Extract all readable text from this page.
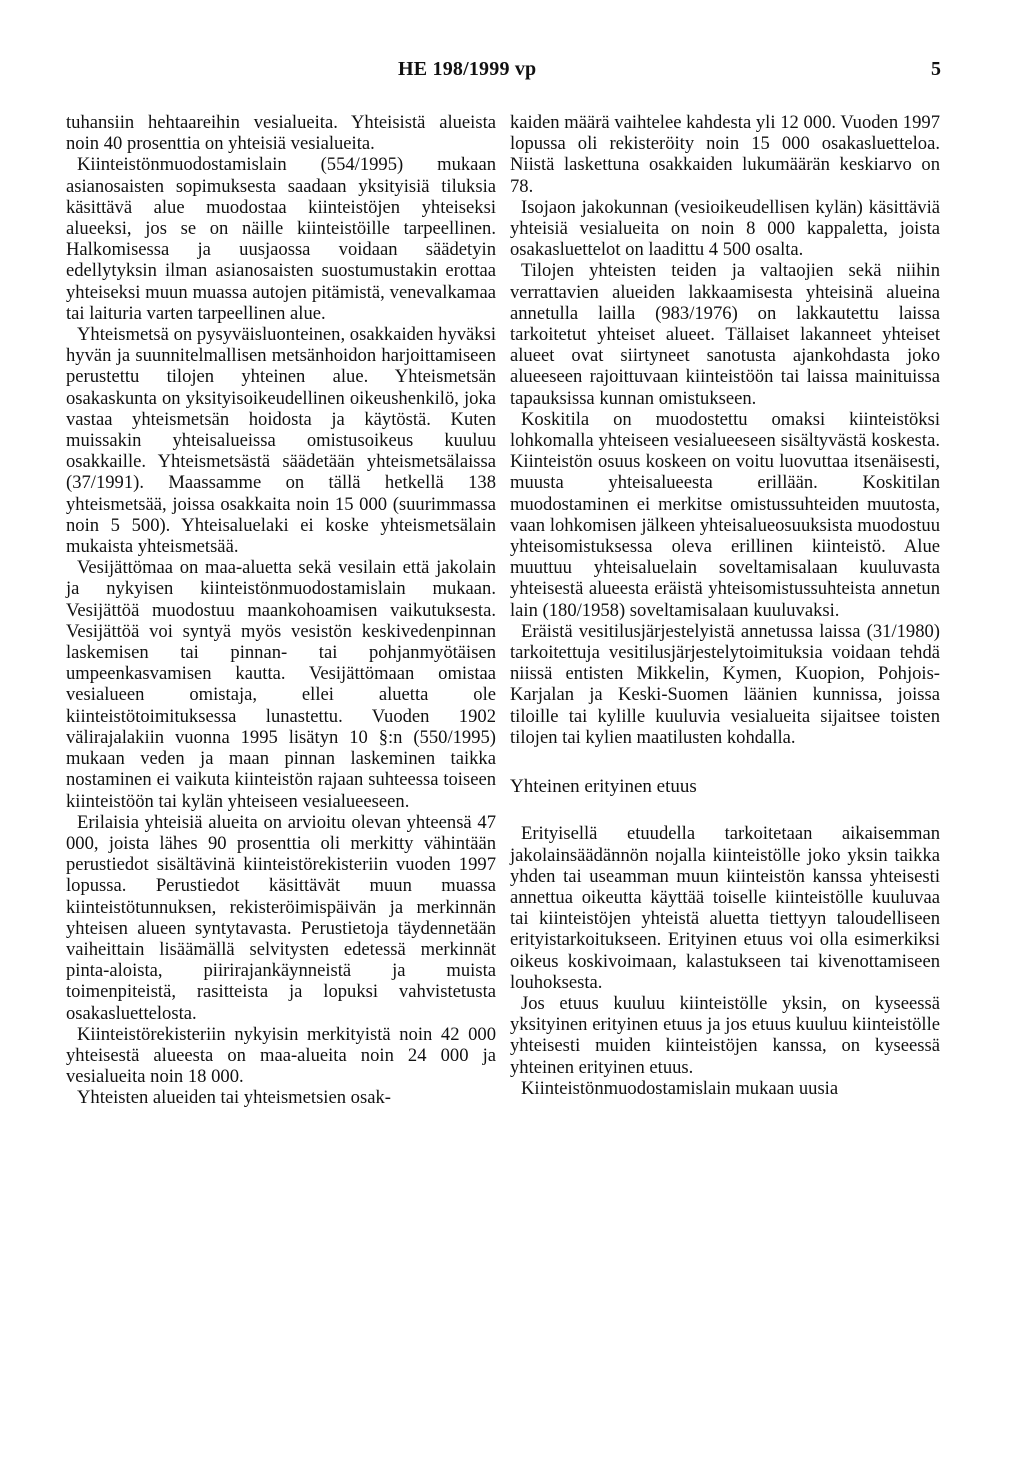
HE 198/1999 vp	5

tuhansiin hehtaareihin vesialueita. Yhteisistä alueista noin 40 prosenttia on yhteisiä vesialueita.

Kiinteistönmuodostamislain (554/1995) mukaan asianosaisten sopimuksesta saadaan yksityisiä tiluksia käsittävä alue muodostaa kiinteistöjen yhteiseksi alueeksi, jos se on näille kiinteistöille tarpeellinen. Halkomisessa ja uusjaossa voidaan säädetyin edellytyksin ilman asianosaisten suostumustakin erottaa yhteiseksi muun muassa autojen pitämistä, venevalkamaa tai laituria varten tarpeellinen alue.

Yhteismetsä on pysyväisluonteinen, osakkaiden hyväksi hyvän ja suunnitelmallisen metsänhoidon harjoittamiseen perustettu tilojen yhteinen alue. Yhteismetsän osakaskunta on yksityisoikeudellinen oikeushenkilö, joka vastaa yhteismetsän hoidosta ja käytöstä. Kuten muissakin yhteisalueissa omistusoikeus kuuluu osakkaille. Yhteismetsästä säädetään yhteismetsälaissa (37/1991). Maassamme on tällä hetkellä 138 yhteismetsää, joissa osakkaita noin 15 000 (suurimmassa noin 5 500). Yhteisaluelaki ei koske yhteismetsälain mukaista yhteismetsää.

Vesijättömaa on maa-aluetta sekä vesilain että jakolain ja nykyisen kiinteistönmuodostamislain mukaan. Vesijättöä muodostuu maankohoamisen vaikutuksesta. Vesijättöä voi syntyä myös vesistön keskivedenpinnan laskemisen tai pinnan- tai pohjanmyötäisen umpeenkasvamisen kautta. Vesijättömaan omistaa vesialueen omistaja, ellei aluetta ole kiinteistötoimituksessa lunastettu. Vuoden 1902 välirajalakiin vuonna 1995 lisätyn 10 §:n (550/1995) mukaan veden ja maan pinnan laskeminen taikka nostaminen ei vaikuta kiinteistön rajaan suhteessa toiseen kiinteistöön tai kylän yhteiseen vesialueeseen.

Erilaisia yhteisiä alueita on arvioitu olevan yhteensä 47 000, joista lähes 90 prosenttia oli merkitty vähintään perustiedot sisältävinä kiinteistörekisteriin vuoden 1997 lopussa. Perustiedot käsittävät muun muassa kiinteistötunnuksen, rekisteröimispäivän ja merkinnän yhteisen alueen syntytavasta. Perustietoja täydennetään vaiheittain lisäämällä selvitysten edetessä merkinnät pinta-aloista, piirirajankäynneistä ja muista toimenpiteistä, rasitteista ja lopuksi vahvistetusta osakasluettelosta.

Kiinteistörekisteriin nykyisin merkityistä noin 42 000 yhteisestä alueesta on maa-alueita noin 24 000 ja vesialueita noin 18 000.

Yhteisten alueiden tai yhteismetsien osak-

kaiden määrä vaihtelee kahdesta yli 12 000. Vuoden 1997 lopussa oli rekisteröity noin 15 000 osakasluetteloa. Niistä laskettuna osakkaiden lukumäärän keskiarvo on 78.

Isojaon jakokunnan (vesioikeudellisen kylän) käsittäviä yhteisiä vesialueita on noin 8 000 kappaletta, joista osakasluettelot on laadittu 4 500 osalta.

Tilojen yhteisten teiden ja valtaojien sekä niihin verrattavien alueiden lakkaamisesta yhteisinä alueina annetulla lailla (983/1976) on lakkautettu laissa tarkoitetut yhteiset alueet. Tällaiset lakanneet yhteiset alueet ovat siirtyneet sanotusta ajankohdasta joko alueeseen rajoittuvaan kiinteistöön tai laissa mainituissa tapauksissa kunnan omistukseen.

Koskitila on muodostettu omaksi kiinteistöksi lohkomalla yhteiseen vesialueeseen sisältyvästä koskesta. Kiinteistön osuus koskeen on voitu luovuttaa itsenäisesti, muusta yhteisalueesta erillään. Koskitilan muodostaminen ei merkitse omistussuhteiden muutosta, vaan lohkomisen jälkeen yhteisalueosuuksista muodostuu yhteisomistuksessa oleva erillinen kiinteistö. Alue muuttuu yhteisaluelain soveltamisalaan kuuluvasta yhteisestä alueesta eräistä yhteisomistussuhteista annetun lain (180/1958) soveltamisalaan kuuluvaksi.

Eräistä vesitilusjärjestelyistä annetussa laissa (31/1980) tarkoitettuja vesitilusjärjestelytoimituksia voidaan tehdä niissä entisten Mikkelin, Kymen, Kuopion, Pohjois-Karjalan ja Keski-Suomen läänien kunnissa, joissa tiloille tai kylille kuuluvia vesialueita sijaitsee toisten tilojen tai kylien maatilusten kohdalla.

Yhteinen erityinen etuus

Erityisellä etuudella tarkoitetaan aikaisemman jakolainsäädännön nojalla kiinteistölle joko yksin taikka yhden tai useamman muun kiinteistön kanssa yhteisesti annettua oikeutta käyttää toiselle kiinteistölle kuuluvaa tai kiinteistöjen yhteistä aluetta tiettyyn taloudelliseen erityistarkoitukseen. Erityinen etuus voi olla esimerkiksi oikeus koskivoimaan, kalastukseen tai kivenottamiseen louhoksesta.

Jos etuus kuuluu kiinteistölle yksin, on kyseessä yksityinen erityinen etuus ja jos etuus kuuluu kiinteistölle yhteisesti muiden kiinteistöjen kanssa, on kyseessä yhteinen erityinen etuus.

Kiinteistönmuodostamislain mukaan uusia
